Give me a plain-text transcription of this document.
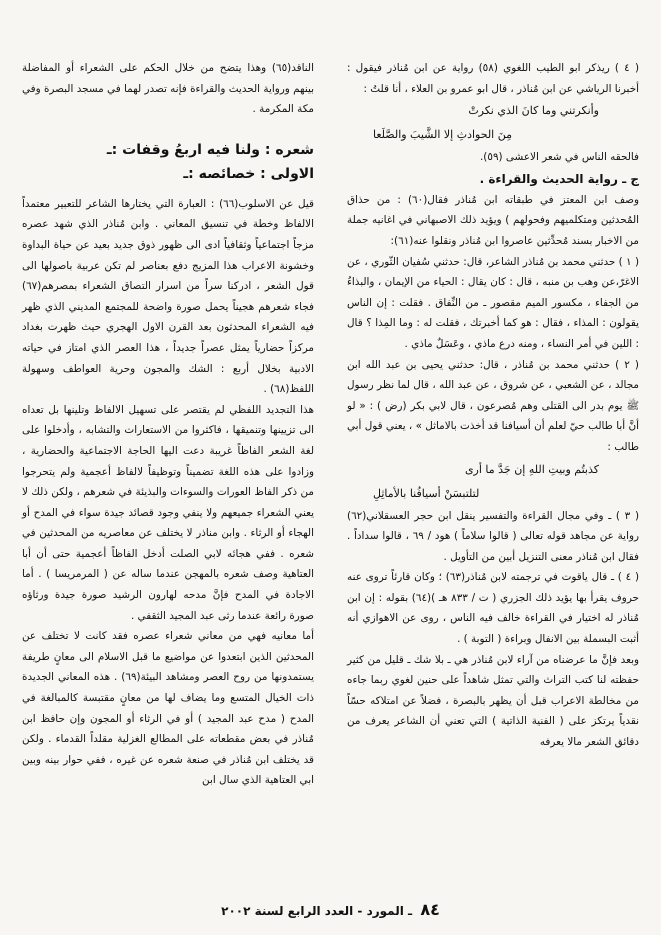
( ٤ ) ريذكر ابو الطيب اللغوي (٥٨) رواية عن ابن مُناذر فيقول : أخبرنا الرياشي عن ابن مُناذر ، قال ابو عمرو بن العلاء ، أنا قلتُ :

وأنكرتني وما كانَ الذي نكرتْ

مِنَ الحوادثِ إلا الشَّيبَ والصَّلَعا

فالحقه الناس في شعر الاعشى (٥٩).

ج ـ رواية الحديث والقراءة .

وصف ابن المعتز في طبقاته ابن مُناذر فقال(٦٠) : من حذاق المُحدثين ومتكلميهم وفحولهم ) ويؤيد ذلك الاصبهاني في اغانيه جملة من الاخبار بسند مُحدِّثين عاصروا ابن مُناذر ونقلوا عنه(٦١):

( ١ ) حدثني محمد بن مُناذر الشاعر، قال: حدثني سُفيان الثّوري ، عن الاغرّ،عن وهب بن منبه ، قال : كان يقال : الحياء من الإيمان ، والبذاءُ من الجفاء ، مكسور الميم مقصور ـ من النِّفاق . فقلت : إن الناس يقولون : المذاء ، فقال : هو كما أخبرتك ، فقلت له : وما المِذا ؟ قال : اللين في أمر النساء ، ومنه درع ماذي ، وعَسَلٌ ماذي .

( ٢ ) حدثني محمد بن مُناذر ، قال: حدثني يحيى بن عبد الله ابن مجالد ، عن الشعبي ، عن شروق ، عن عبد الله ، قال لما نظر رسول ﷺ يوم بدر الى القتلى وهم مُصرعون ، قال لابي بكر (رض ) : « لو أنَّ أبا طالب حيّ لعلم أن أسيافنا قد أخذت بالاماثل » ، يعني قول أبي طالب :

كذبتُم وبيتِ اللهِ إن جَدَّ ما أرى

لتلتبسَنْ أسيافُنا بالأماثِلِ

( ٣ ) ـ وفي مجال القراءة والتفسير ينقل ابن حجر العسقلاني(٦٢) رواية عن مجاهد قوله تعالى ( قالوا سلاماً ) هود / ٦٩ ، قالوا سداداً . فقال ابن مُناذر معنى التنزيل أبين من التأويل .

( ٤ ) ـ قال ياقوت في ترجمته لابن مُناذر(٦٣) ؛ وكان قارئاً تروى عنه حروف يقرأ بها يؤيد ذلك الجزري ( ت / ٨٣٣ هـ )(٦٤) بقوله : إن ابن مُناذر له اختيار في القراءة خالف فيه الناس ، روى عن الاهوازي أنه أثبت البسملة بين الانفال وبراءة ( التوبة ) .

وبعد فإنَّ ما عرضناه من آراء لابن مُناذر هي ـ بلا شك ـ قليل من كثير حفظته لنا كتب التراث والتي تمثل شاهداً على حنين لغوي ربما جاءه من مخالطة الاعراب قبل أن يظهر بالبصرة ، فضلاً عن امتلاكه حسّاً نقدياً يرتكز على ( الفنية الذاتية ) التي تعني أن الشاعر يعرف من دقائق الشعر مالا يعرفه

الناقد(٦٥) وهذا يتضح من خلال الحكم على الشعراء أو المفاضلة بينهم ورواية الحديث والقراءة فإنه تصدر لهما في مسجد البصرة وفي مكة المكرمة .

شعره : ولنا فيه اربعُ وقفات :ـ
الاولى : خصائصه :ـ

قيل عن الاسلوب(٦٦) : العبارة التي يختارها الشاعر للتعبير معتمداً الالفاظ وخطة في تنسيق المعاني . وابن مُناذر الذي شهد عصره مزجاً اجتماعياً وثقافياً ادى الى ظهور ذوق جديد بعيد عن حياة البداوة وخشونة الاعراب هذا المزيج دفع بعناصر لم تكن عربية باصولها الى قول الشعر ، ادركنا سراً من اسرار التصاق الشعراء بمصرهم(٦٧) فجاء شعرهم هجيناً يحمل صورة واضحة للمجتمع المديني الذي ظهر فيه الشعراء المحدثون بعد القرن الاول الهجري حيث ظهرت بغداد مركزاً حضارياً يمثل عصراً جديداً ، هذا العصر الذي امتاز في حياته الادبية بخلال أربع : الشك والمجون وحرية العواطف وسهولة اللفظ(٦٨) .

هذا التجديد اللفظي لم يقتصر على تسهيل الالفاظ وتلينها بل تعداه الى تزيينها وتنميقها ، فاكثروا من الاستعارات والتشابه ، وأدخلوا على لغة الشعر الفاظاً غريبة دعت اليها الحاجة الاجتماعية والحضارية ، وزادوا على هذه اللغة تضميناً وتوظيفاً لالفاظ أعجمية ولم يتحرجوا من ذكر الفاظ العورات والسوءات والبذيئة في شعرهم ، ولكن ذلك لا يعني الشعراء جميعهم ولا ينفي وجود قصائد جيدة سواء في المدح أو الهجاء أو الرثاء . وابن مناذر لا يختلف عن معاصريه من المحدثين في شعره . ففي هجائه لابي الصلت أدخل الفاظاً أعجمية حتى أن أبا العتاهية وصف شعره بالمهجن عندما ساله عن ( المرمريسا ) . أما الاجادة في المدح فإنَّ مدحه لهارون الرشيد صورة جيدة ورثاؤه صورة رائعة عندما رثى عبد المجيد الثقفي .

أما معانيه فهي من معاني شعراء عصره فقد كانت لا تختلف عن المحدثين الذين ابتعدوا عن مواضيع ما قبل الاسلام الى معانٍ طريفة يستمدونها من روح العصر ومشاهد البيئة(٦٩) . هذه المعاني الجديدة ذات الخيال المتسع وما يضاف لها من معانٍ مقتبسة كالمبالغة في المدح ( مدح عبد المجيد ) أو في الرثاء أو المجون وإن حافظ ابن مُناذر في بعض مقطعاته على المطالع الغزلية مقلداً القدماء . ولكن قد يختلف ابن مُناذر في صنعة شعره عن غيره ، ففي حوار بينه وبين ابي العتاهية الذي سال ابن

٨٤ ـ المورد - العدد الرابع لسنة ٢٠٠٢
